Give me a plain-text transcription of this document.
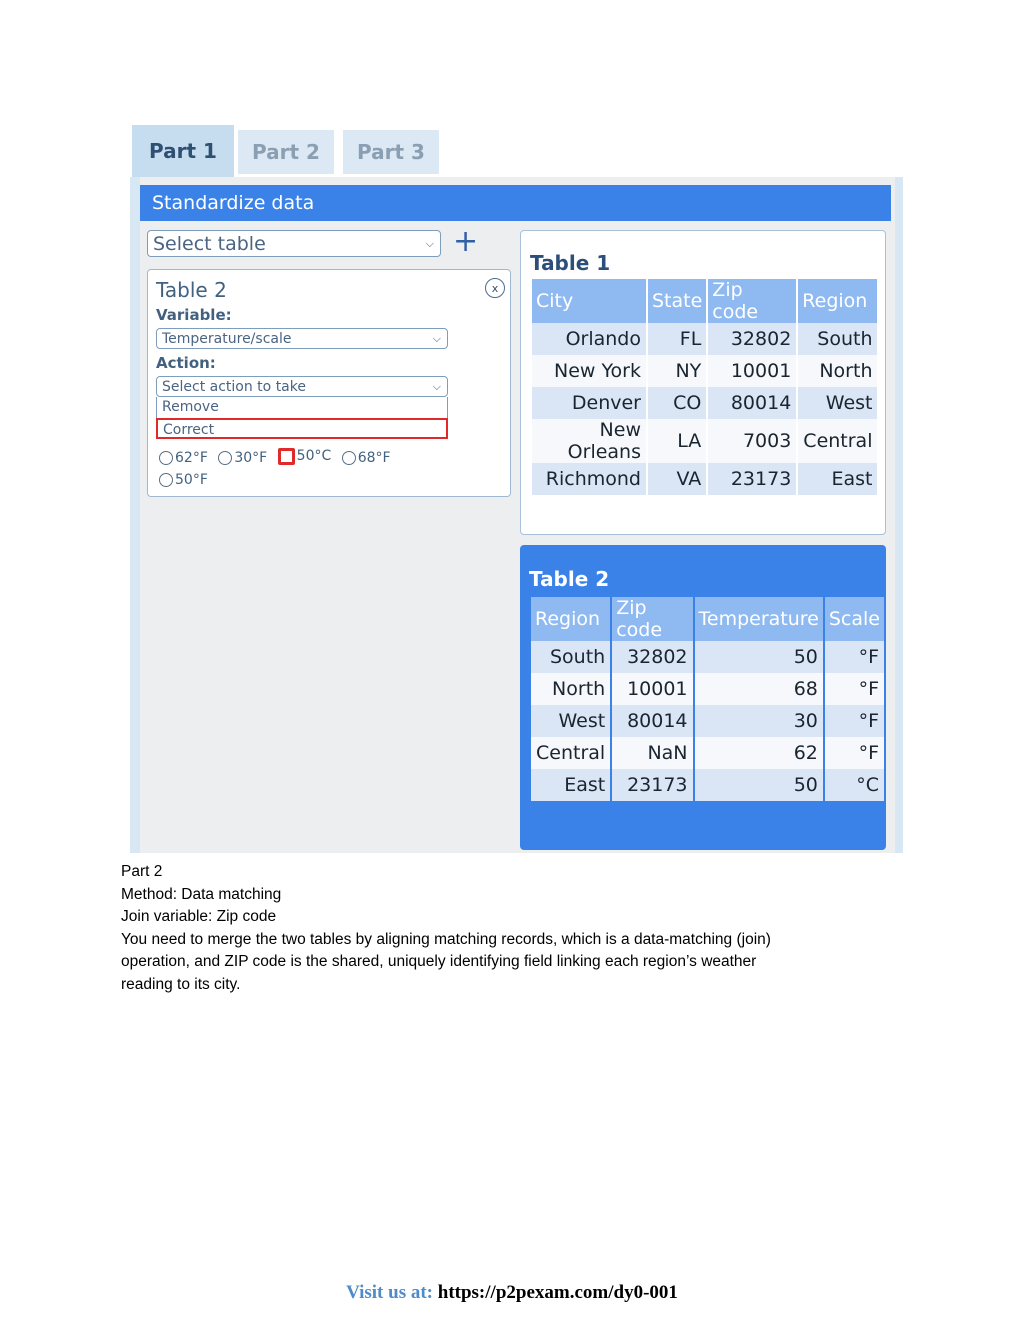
Part 1	Part 2	Part 3
Standardize data
Select table	⌵ +
Table 2	x
Variable:
Temperature/scale	⌵
Action:
Select action to take	⌵
Remove
Correct
62°F
30°F
50°C
68°F

50°F
Table 1
City	State	Zip code	Region
Orlando	FL	32802	South
New York	NY	10001	North
Denver	CO	80014	West
New Orleans	LA	7003	Central
Richmond	VA	23173	East
Table 2
Region	Zip code	Temperature	Scale
South	32802	50	°F
North	10001	68	°F
West	80014	30	°F
Central	NaN	62	°F
East	23173	50	°C
Part 2
Method: Data matching
Join variable: Zip code
You need to merge the two tables by aligning matching records, which is a data-matching (join)
operation, and ZIP code is the shared, uniquely identifying field linking each region’s weather
reading to its city.
Visit us at: https://p2pexam.com/dy0-001
